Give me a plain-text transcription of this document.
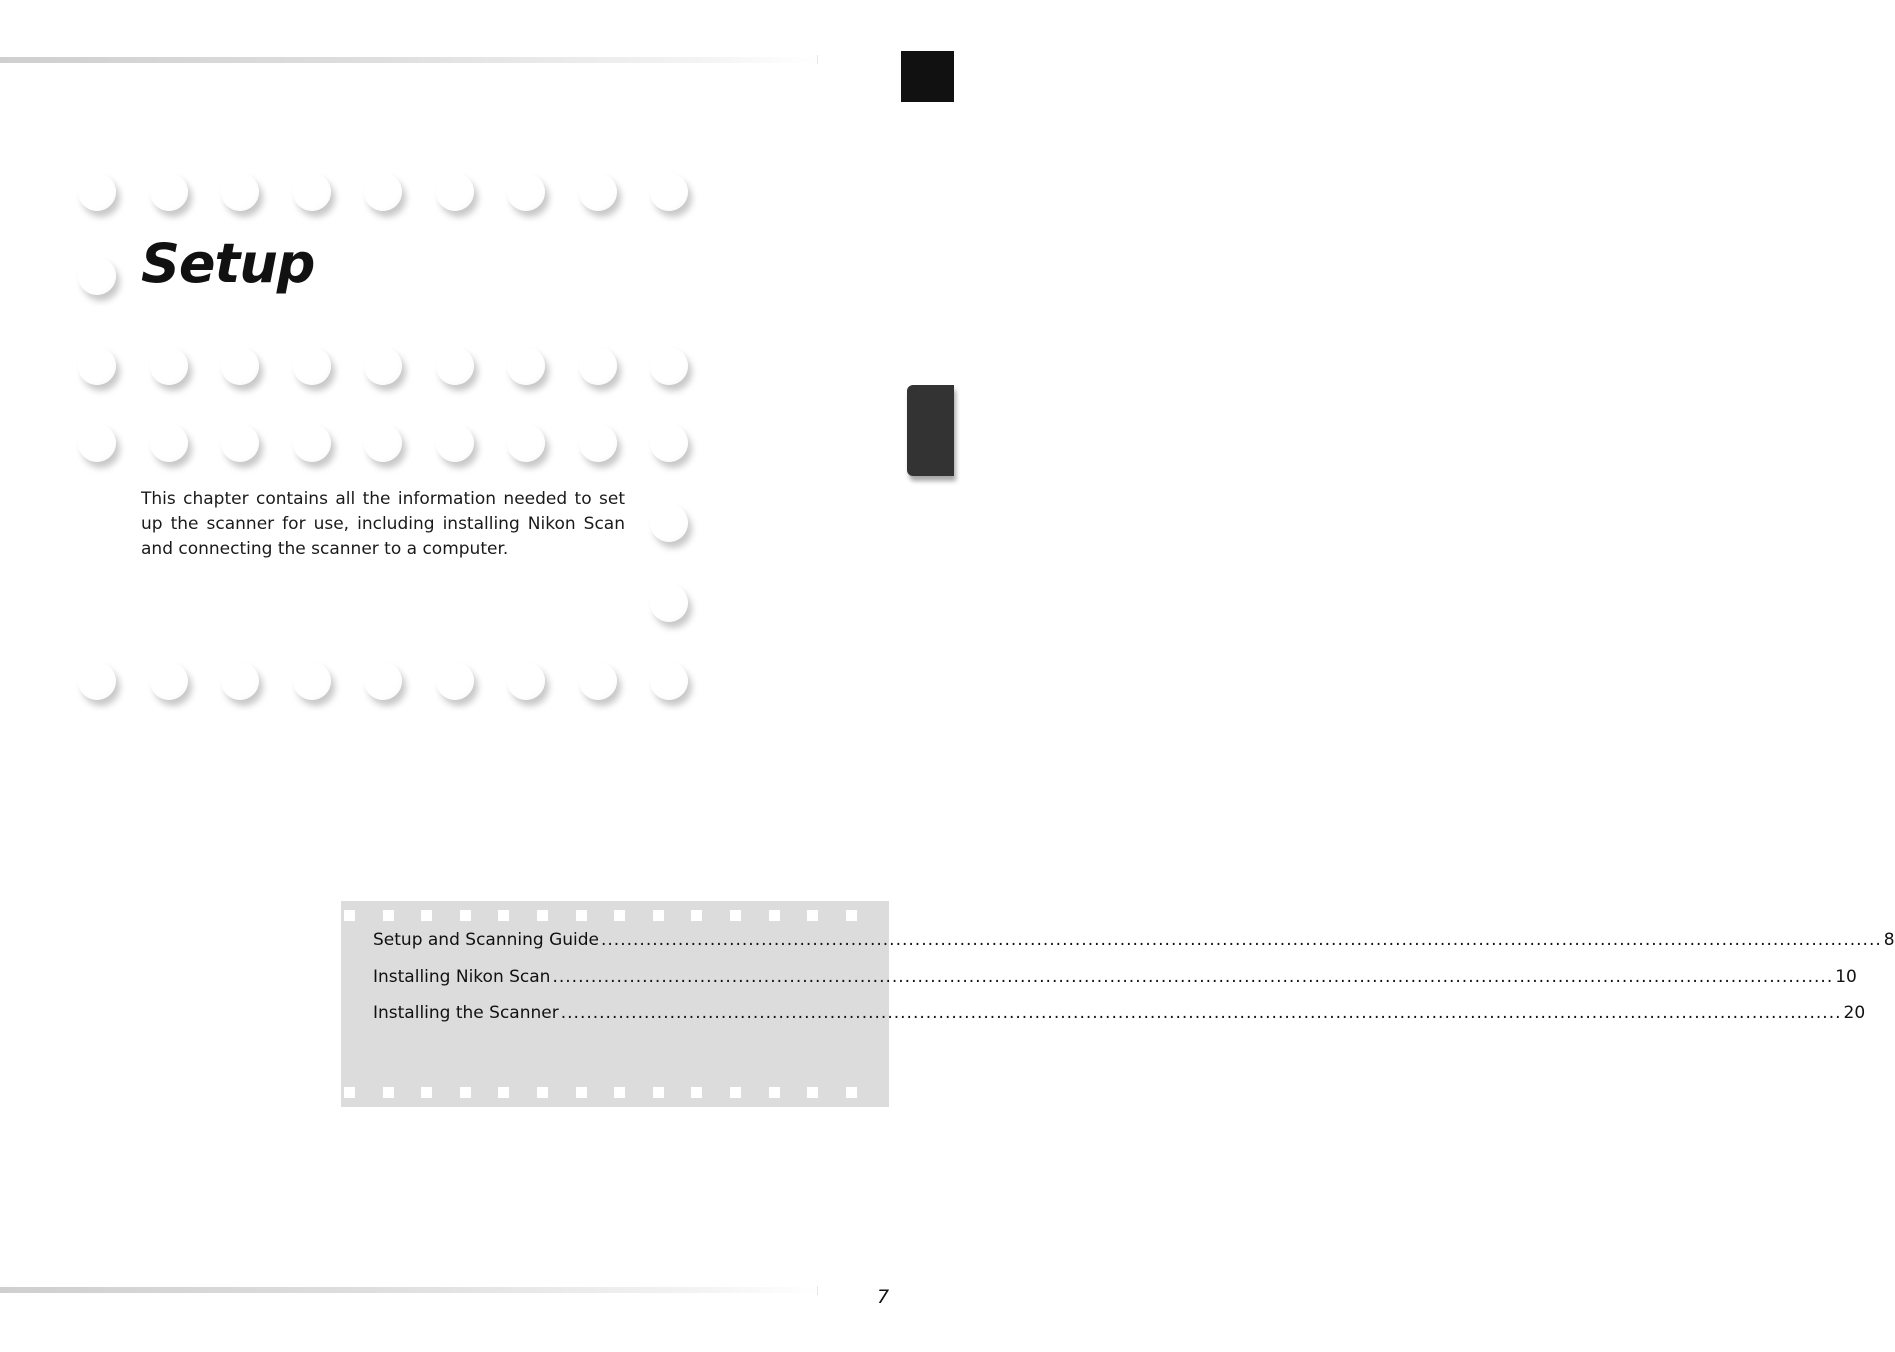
Setup

This chapter contains all the information needed to set up the scanner for use, including installing Nikon Scan and connecting the scanner to a computer.

Setup and Scanning Guide ........................................................................................................................................................................................................ 8
Installing Nikon Scan ........................................................................................................................................................................................................ 10
Installing the Scanner ........................................................................................................................................................................................................ 20
7
